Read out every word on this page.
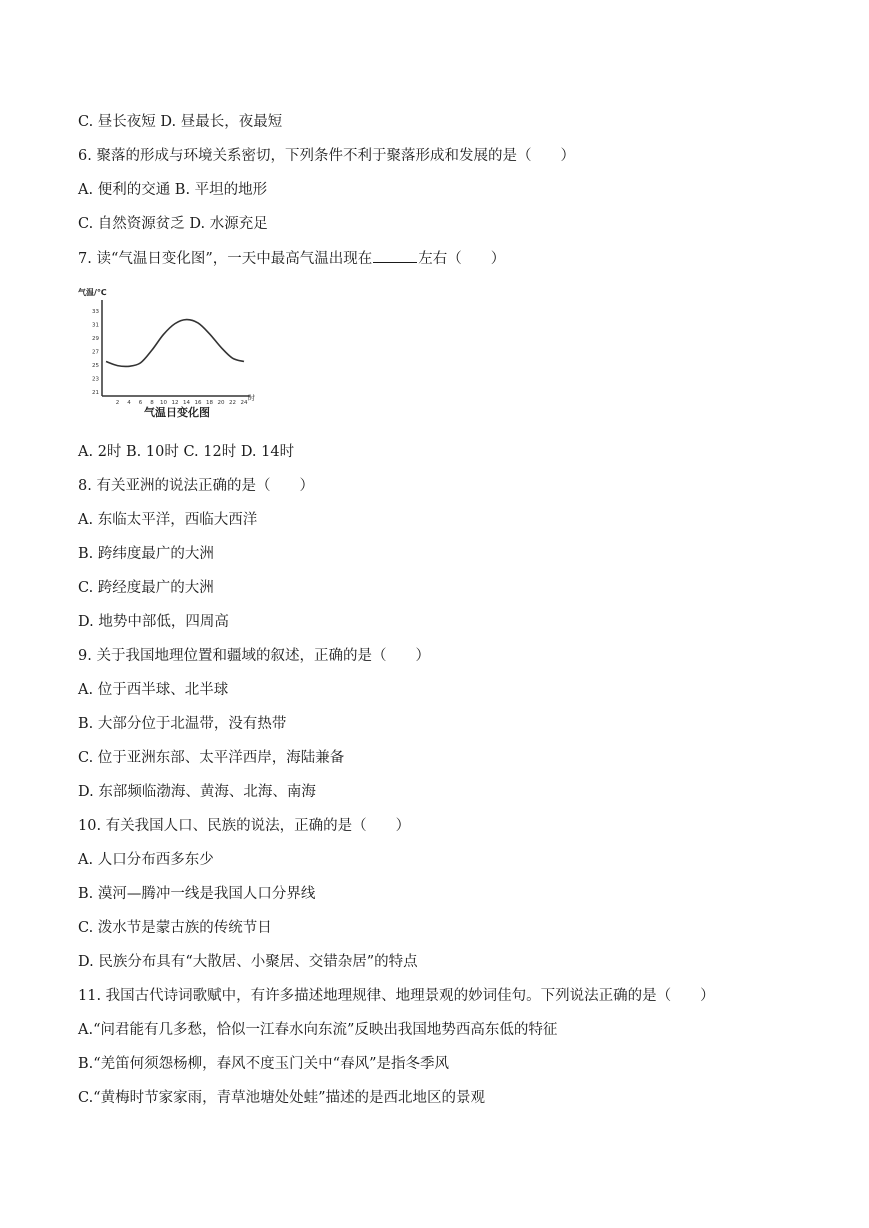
C. 昼长夜短 D. 昼最长，夜最短
6. 聚落的形成与环境关系密切，下列条件不利于聚落形成和发展的是（　　）
A. 便利的交通 B. 平坦的地形
C. 自然资源贫乏 D. 水源充足
7. 读“气温日变化图”，一天中最高气温出现在	左右（　　）
气温/℃
21
23
25
27
29
31
33
2 4 6 8 10 12 14 16 18 20 22 24
时
气温日变化图
A. 2时 B. 10时 C. 12时 D. 14时
8. 有关亚洲的说法正确的是（　　）
A. 东临太平洋，西临大西洋
B. 跨纬度最广的大洲
C. 跨经度最广的大洲
D. 地势中部低，四周高
9. 关于我国地理位置和疆域的叙述，正确的是（　　）
A. 位于西半球、北半球
B. 大部分位于北温带，没有热带
C. 位于亚洲东部、太平洋西岸，海陆兼备
D. 东部频临渤海、黄海、北海、南海
10. 有关我国人口、民族的说法，正确的是（　　）
A. 人口分布西多东少
B. 漠河—腾冲一线是我国人口分界线
C. 泼水节是蒙古族的传统节日
D. 民族分布具有“大散居、小聚居、交错杂居”的特点
11. 我国古代诗词歌赋中，有许多描述地理规律、地理景观的妙词佳句。下列说法正确的是（　　）
A.“问君能有几多愁，恰似一江春水向东流”反映出我国地势西高东低的特征
B.“羌笛何须怨杨柳，春风不度玉门关中“春风”是指冬季风
C.“黄梅时节家家雨，青草池塘处处蛙”描述的是西北地区的景观
